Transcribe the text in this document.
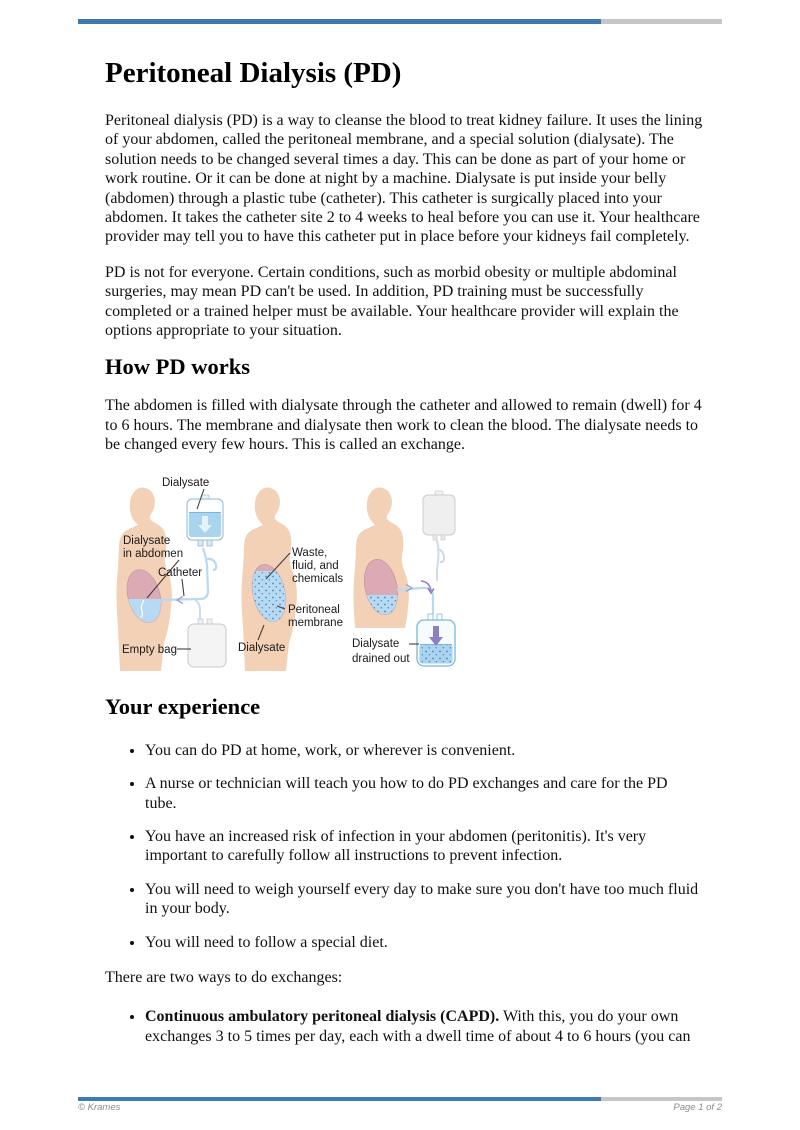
Peritoneal Dialysis (PD)

Peritoneal dialysis (PD) is a way to cleanse the blood to treat kidney failure. It uses the lining of your abdomen, called the peritoneal membrane, and a special solution (dialysate). The solution needs to be changed several times a day. This can be done as part of your home or work routine. Or it can be done at night by a machine. Dialysate is put inside your belly (abdomen) through a plastic tube (catheter). This catheter is surgically placed into your abdomen. It takes the catheter site 2 to 4 weeks to heal before you can use it. Your healthcare provider may tell you to have this catheter put in place before your kidneys fail completely.

PD is not for everyone. Certain conditions, such as morbid obesity or multiple abdominal surgeries, may mean PD can't be used. In addition, PD training must be successfully completed or a trained helper must be available. Your healthcare provider will explain the options appropriate to your situation.

How PD works

The abdomen is filled with dialysate through the catheter and allowed to remain (dwell) for 4 to 6 hours. The membrane and dialysate then work to clean the blood. The dialysate needs to be changed every few hours. This is called an exchange.

Dialysate
Dialysate
in abdomen
Catheter
Empty bag
Waste,
fluid, and
chemicals
Peritoneal
membrane
Dialysate	Dialysate
drained out
Your experience
• You can do PD at home, work, or wherever is convenient.
• A nurse or technician will teach you how to do PD exchanges and care for the PD tube.
• You have an increased risk of infection in your abdomen (peritonitis). It's very important to carefully follow all instructions to prevent infection.
• You will need to weigh yourself every day to make sure you don't have too much fluid in your body.
• You will need to follow a special diet.

There are two ways to do exchanges:

• Continuous ambulatory peritoneal dialysis (CAPD). With this, you do your own exchanges 3 to 5 times per day, each with a dwell time of about 4 to 6 hours (you can
© Krames	Page 1 of 2
